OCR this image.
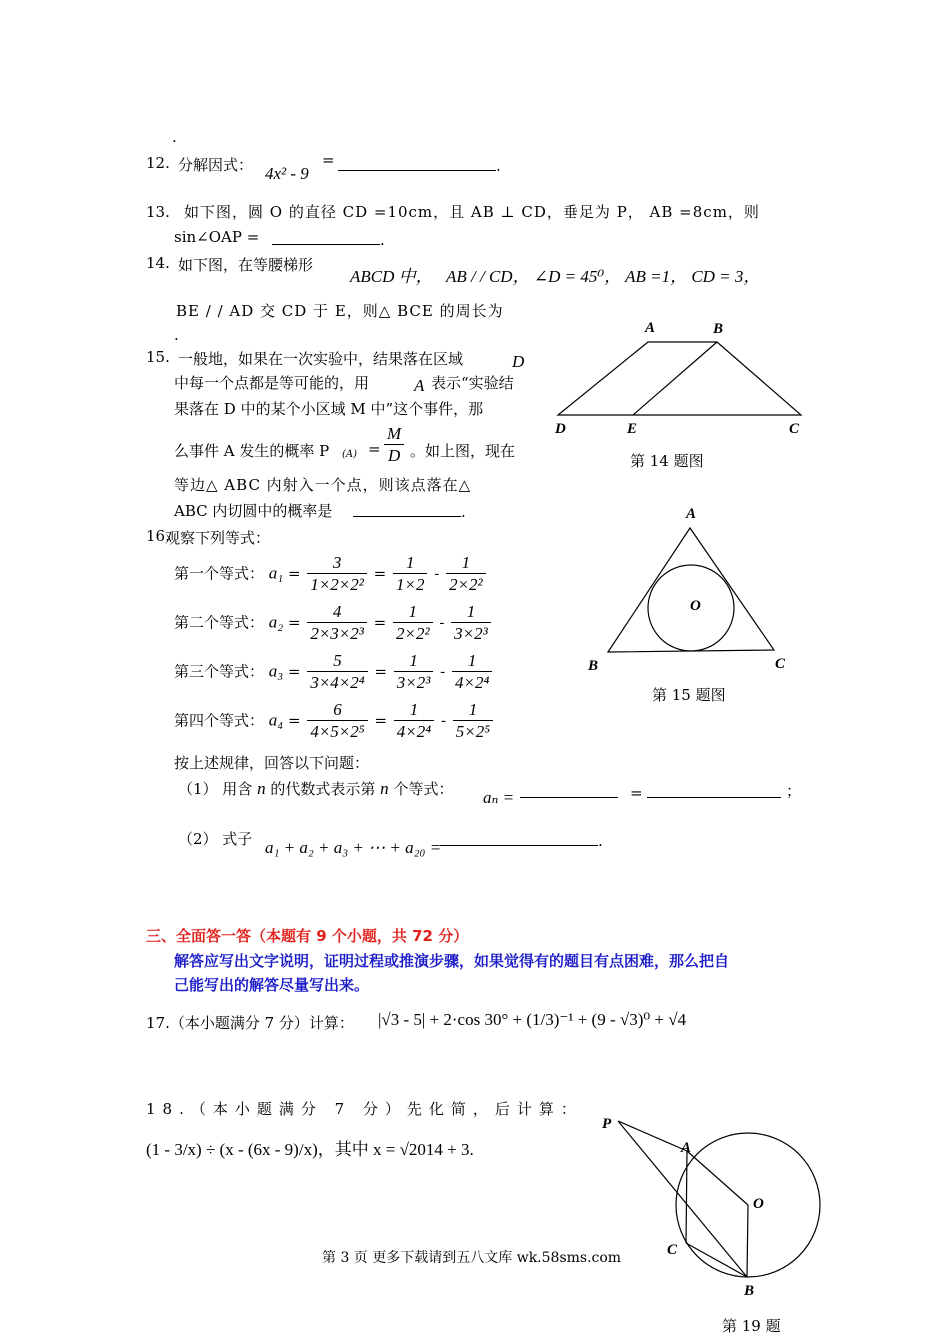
.
12. 分解因式： 4x² - 9
=	.
13. 如下图，圆 O 的直径 CD =10cm，且 AB ⊥ CD，垂足为 P， AB =8cm，则
sin∠OAP =	.
14. 如下图，在等腰梯形
ABCD 中， AB / / CD， ∠D = 45⁰， AB =1， CD = 3，
BE / / AD 交 CD 于 E，则△ BCE 的周长为
.	A	B
D	E	C
第 14 题图
15. 一般地，如果在一次实验中，结果落在区域	D
中每一个点都是等可能的，用	A 表示“实验结
果落在 D 中的某个小区域 M 中”这个事件，那
么事件 A 发生的概率 P $(A) = \frac{M}{D}$ 。如上图，现在
等边△ ABC 内射入一个点，则该点落在△
ABC 内切圆中的概率是	.	A
B	C
O
第 15 题图
16.
观察下列等式：
第一个等式： $a_1 = \frac{3}{\text{1×2×2²}} = \frac{1}{1\times 2} - \frac{1}{\text{2×2²}}$
第二个等式： $a_2 = \frac{4}{\text{2×3×2³}} = \frac{1}{\text{2×2²}} - \frac{1}{\text{3×2³}}$
第三个等式： $a_3 = \frac{5}{\text{3×4×2⁴}} = \frac{1}{\text{3×2³}} - \frac{1}{\text{4×2⁴}}$
第四个等式： $a_4 = \frac{6}{\text{4×5×2⁵}} = \frac{1}{\text{4×2⁴}} - \frac{1}{\text{5×2⁵}}$
按上述规律，回答以下问题：
（1） 用含 n 的代数式表示第 n 个等式： aₙ =	=	；
（2） 式子 a₁ + a₂ + a₃ + ⋯ + a₂₀ =	.
三、全面答一答（本题有 9 个小题，共 72 分）
解答应写出文字说明，证明过程或推演步骤，如果觉得有的题目有点困难，那么把自
己能写出的解答尽量写出来。
17.（本小题满分 7 分）计算： |√3 - 5| + 2·cos 30° + (1/3)⁻¹ + (9 - √3)⁰ + √4
18.（本小题满分 7 分）先化简，后计算：
(1 - 3/x) ÷ (x - (6x - 9)/x)，其中 x = √2014 + 3.
P
A
O
C
B
第 3 页 更多下载请到五八文库 wk.58sms.com
第 19 题
